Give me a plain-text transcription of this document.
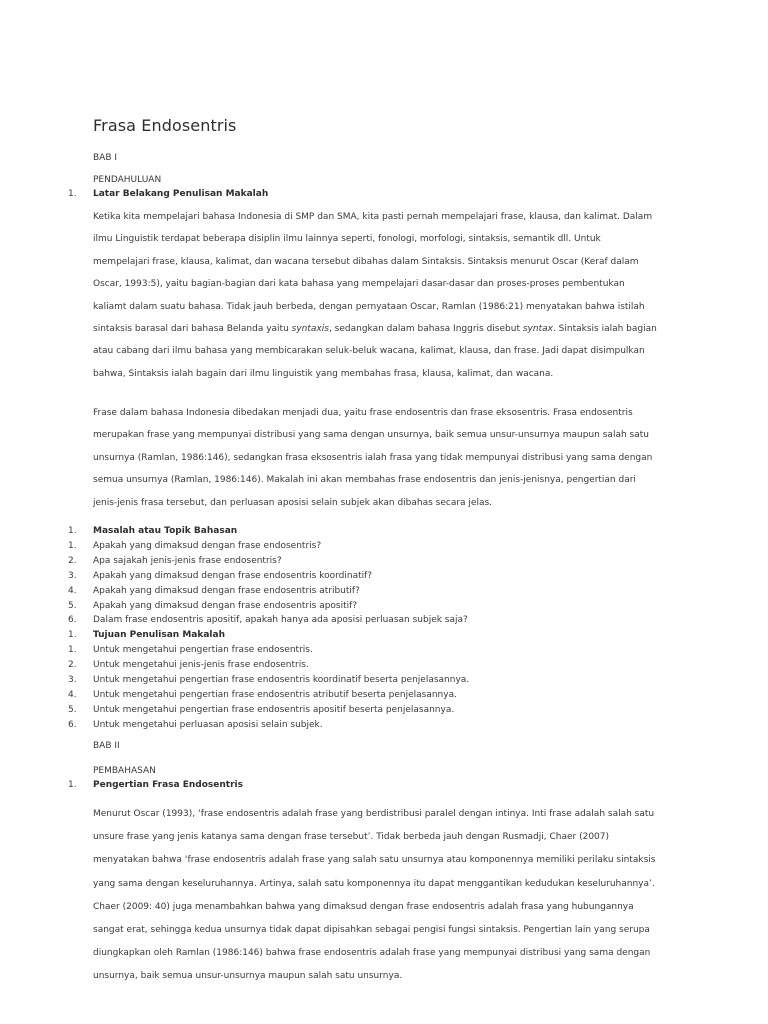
Frasa Endosentris
BAB I
PENDAHULUAN
1. Latar Belakang Penulisan Makalah
Ketika kita mempelajari bahasa Indonesia di SMP dan SMA, kita pasti pernah mempelajari frase, klausa, dan kalimat. Dalam
ilmu Linguistik terdapat beberapa disiplin ilmu lainnya seperti, fonologi, morfologi, sintaksis, semantik dll. Untuk
mempelajari frase, klausa, kalimat, dan wacana tersebut dibahas dalam Sintaksis. Sintaksis menurut Oscar (Keraf dalam
Oscar, 1993:5), yaitu bagian-bagian dari kata bahasa yang mempelajari dasar-dasar dan proses-proses pembentukan
kaliamt dalam suatu bahasa. Tidak jauh berbeda, dengan pernyataan Oscar, Ramlan (1986:21) menyatakan bahwa istilah
sintaksis barasal dari bahasa Belanda yaitu syntaxis, sedangkan dalam bahasa Inggris disebut syntax. Sintaksis ialah bagian
atau cabang dari ilmu bahasa yang membicarakan seluk-beluk wacana, kalimat, klausa, dan frase. Jadi dapat disimpulkan
bahwa, Sintaksis ialah bagain dari ilmu linguistik yang membahas frasa, klausa, kalimat, dan wacana.
Frase dalam bahasa Indonesia dibedakan menjadi dua, yaitu frase endosentris dan frase eksosentris. Frasa endosentris
merupakan frase yang mempunyai distribusi yang sama dengan unsurnya, baik semua unsur-unsurnya maupun salah satu
unsurnya (Ramlan, 1986:146), sedangkan frasa eksosentris ialah frasa yang tidak mempunyai distribusi yang sama dengan
semua unsurnya (Ramlan, 1986:146). Makalah ini akan membahas frase endosentris dan jenis-jenisnya, pengertian dari
jenis-jenis frasa tersebut, dan perluasan aposisi selain subjek akan dibahas secara jelas.
1. Masalah atau Topik Bahasan
1. Apakah yang dimaksud dengan frase endosentris?
2. Apa sajakah jenis-jenis frase endosentris?
3. Apakah yang dimaksud dengan frase endosentris koordinatif?
4. Apakah yang dimaksud dengan frase endosentris atributif?
5. Apakah yang dimaksud dengan frase endosentris apositif?
6. Dalam frase endosentris apositif, apakah hanya ada aposisi perluasan subjek saja?
1. Tujuan Penulisan Makalah
1. Untuk mengetahui pengertian frase endosentris.
2. Untuk mengetahui jenis-jenis frase endosentris.
3. Untuk mengetahui pengertian frase endosentris koordinatif beserta penjelasannya.
4. Untuk mengetahui pengertian frase endosentris atributif beserta penjelasannya.
5. Untuk mengetahui pengertian frase endosentris apositif beserta penjelasannya.
6. Untuk mengetahui perluasan aposisi selain subjek.
BAB II
PEMBAHASAN
1. Pengertian Frasa Endosentris
Menurut Oscar (1993), ‘frase endosentris adalah frase yang berdistribusi paralel dengan intinya. Inti frase adalah salah satu
unsure frase yang jenis katanya sama dengan frase tersebut’. Tidak berbeda jauh dengan Rusmadji, Chaer (2007)
menyatakan bahwa ‘frase endosentris adalah frase yang salah satu unsurnya atau komponennya memiliki perilaku sintaksis
yang sama dengan keseluruhannya. Artinya, salah satu komponennya itu dapat menggantikan kedudukan keseluruhannya’.
Chaer (2009: 40) juga menambahkan bahwa yang dimaksud dengan frase endosentris adalah frasa yang hubungannya
sangat erat, sehingga kedua unsurnya tidak dapat dipisahkan sebagai pengisi fungsi sintaksis. Pengertian lain yang serupa
diungkapkan oleh Ramlan (1986:146) bahwa frase endosentris adalah frase yang mempunyai distribusi yang sama dengan
unsurnya, baik semua unsur-unsurnya maupun salah satu unsurnya.
